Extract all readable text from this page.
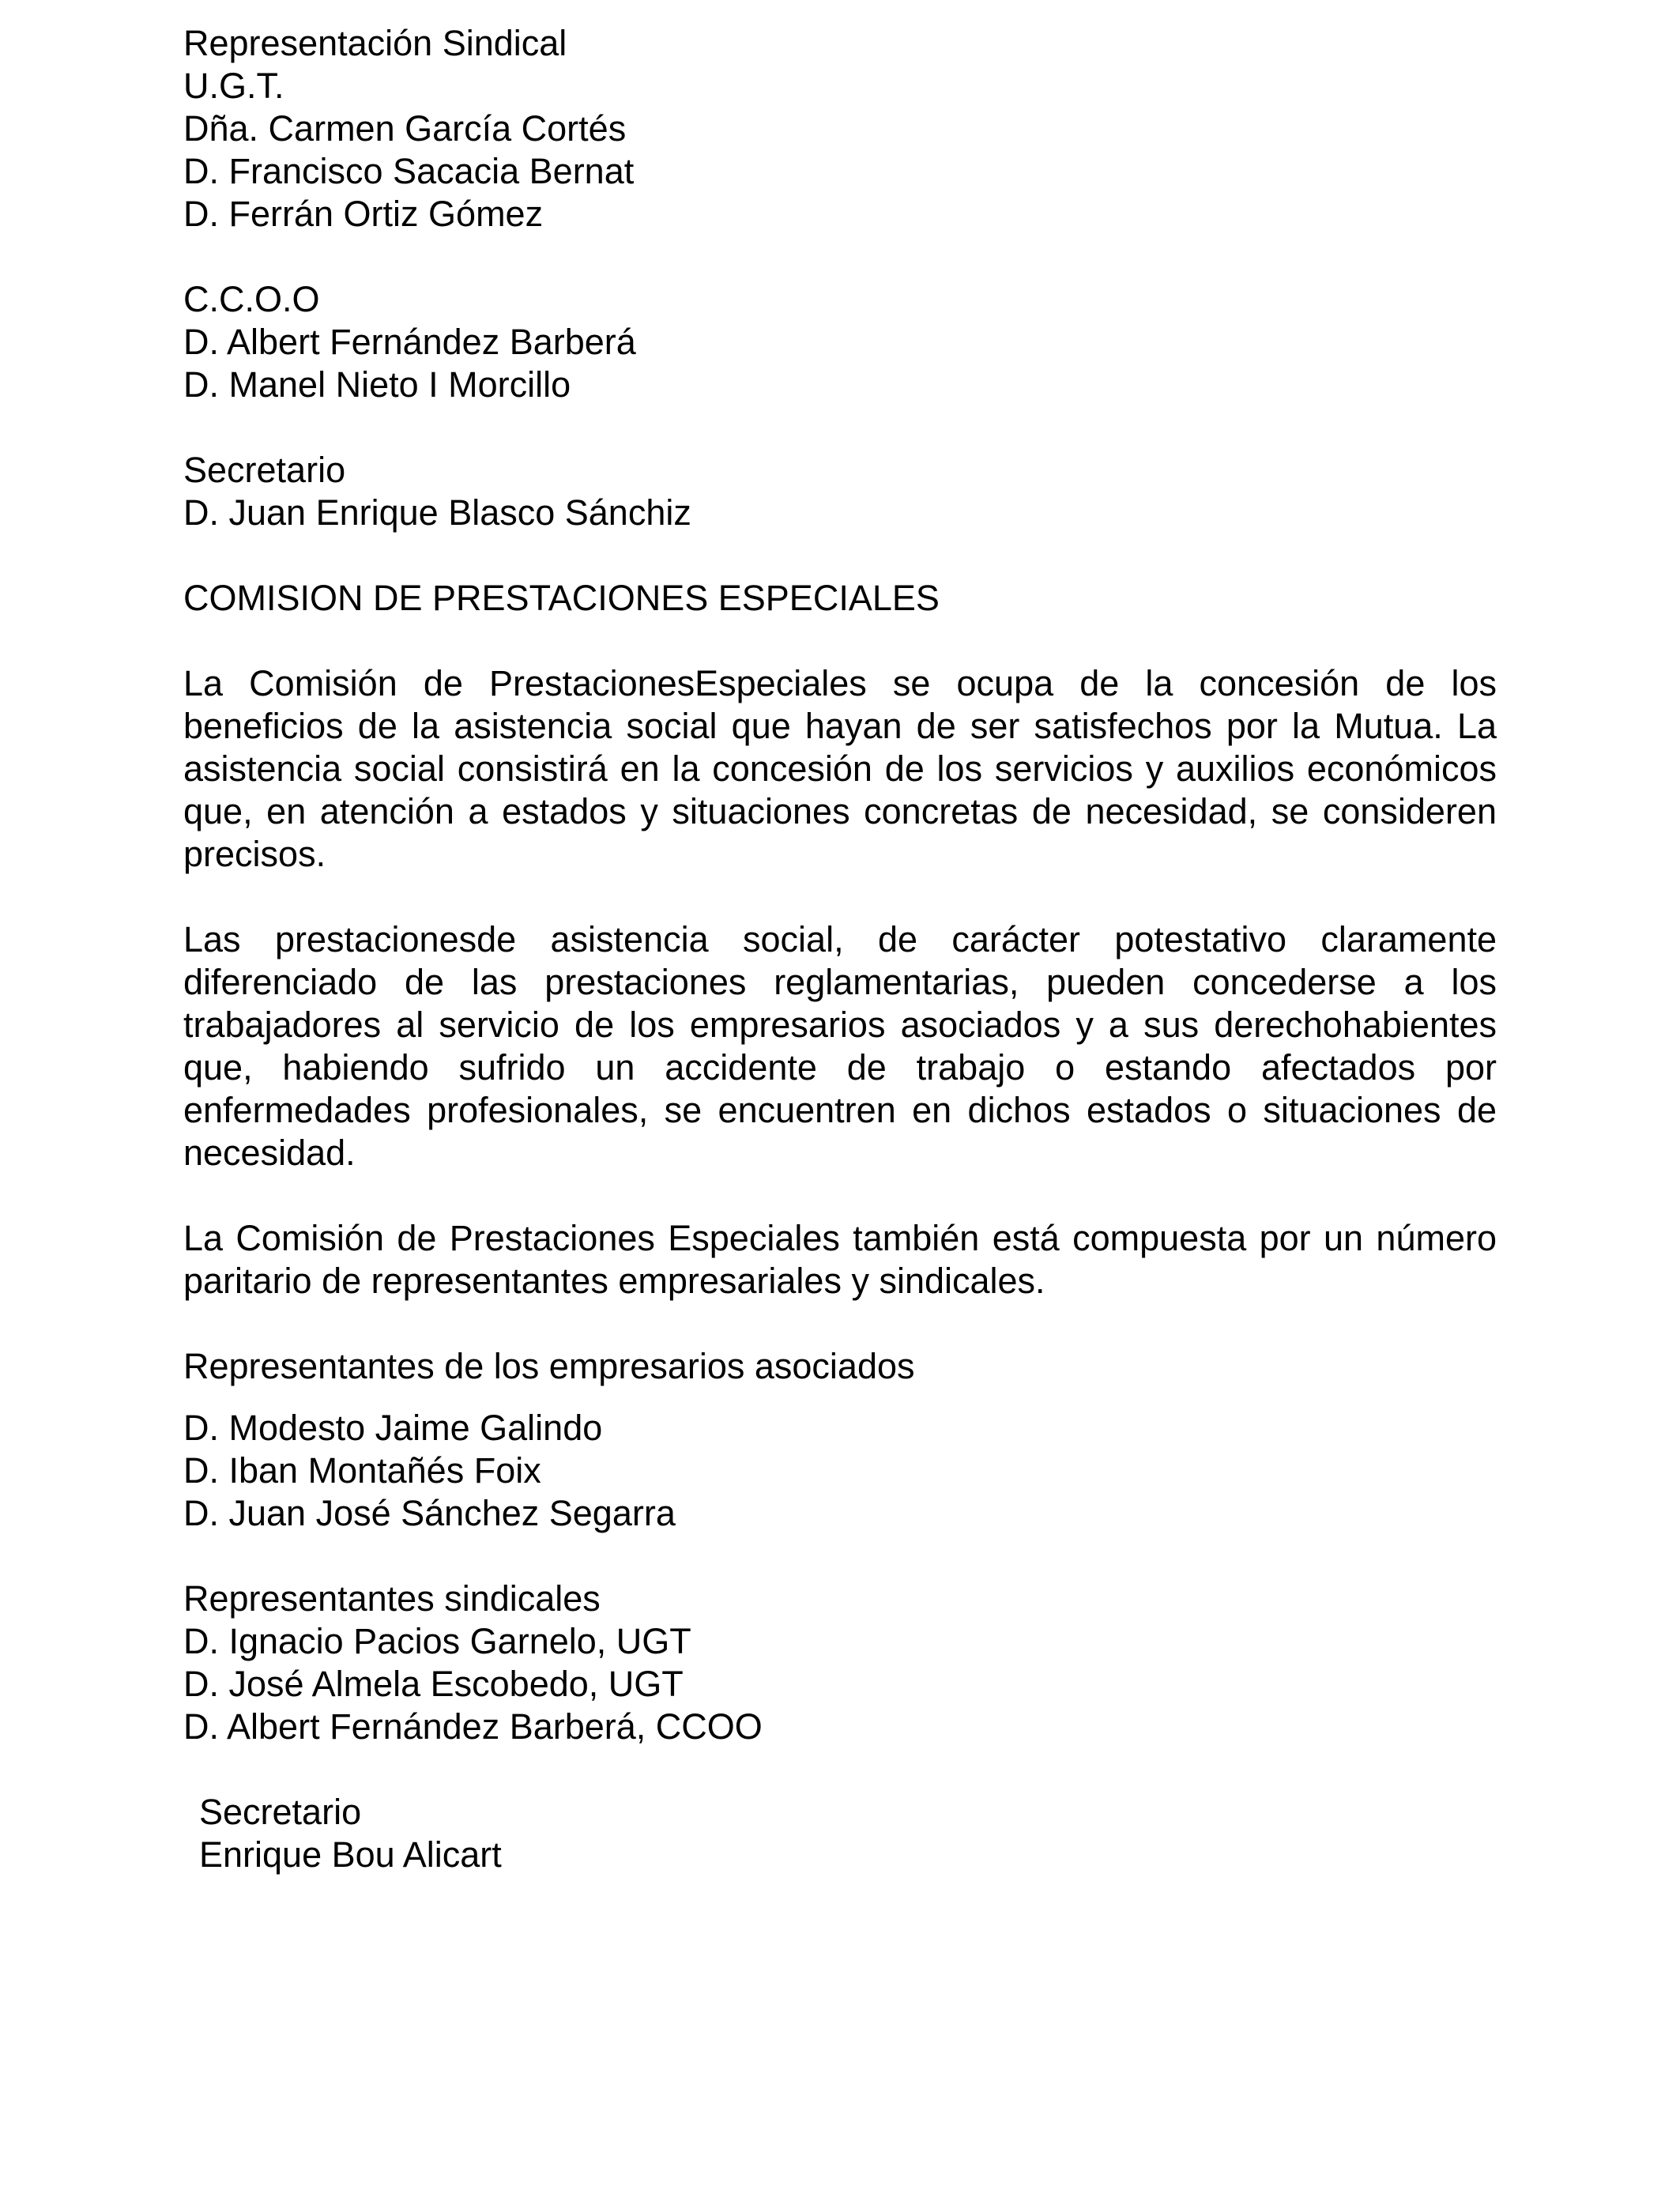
Representación Sindical
U.G.T.
Dña. Carmen García Cortés
D. Francisco Sacacia Bernat
D. Ferrán Ortiz Gómez
C.C.O.O
D. Albert Fernández Barberá
D. Manel Nieto I Morcillo
Secretario
D. Juan Enrique Blasco Sánchiz
COMISION DE PRESTACIONES ESPECIALES

La Comisión de PrestacionesEspeciales se ocupa de la concesión de los beneficios de la asistencia social que hayan de ser satisfechos por la Mutua. La asistencia social consistirá en la concesión de los servicios y auxilios económicos que, en atención a estados y situaciones concretas de necesidad, se consideren precisos.

Las prestacionesde asistencia social, de carácter potestativo claramente diferenciado de las prestaciones reglamentarias, pueden concederse a los trabajadores al servicio de los empresarios asociados y a sus derechohabientes que, habiendo sufrido un accidente de trabajo o estando afectados por enfermedades profesionales, se encuentren en dichos estados o situaciones de necesidad.

La Comisión de Prestaciones Especiales también está compuesta por un número paritario de representantes empresariales y sindicales.

Representantes de los empresarios asociados
D. Modesto Jaime Galindo
D. Iban Montañés Foix
D. Juan José Sánchez Segarra
Representantes sindicales
D. Ignacio Pacios Garnelo, UGT
D. José Almela Escobedo, UGT
D. Albert Fernández Barberá, CCOO
Secretario
Enrique Bou Alicart
